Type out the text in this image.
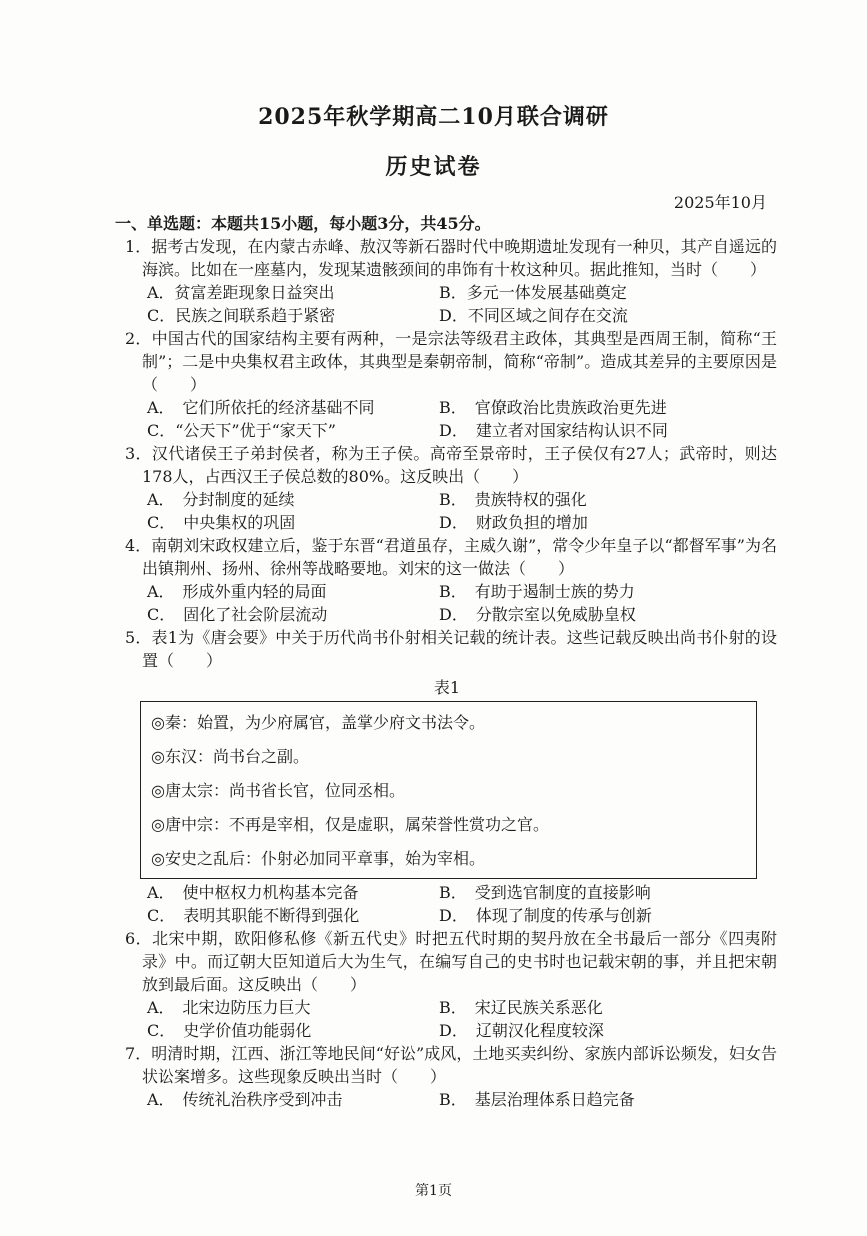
2025年秋学期高二10月联合调研
历史试卷
2025年10月
一、单选题：本题共15小题，每小题3分，共45分。
1．据考古发现，在内蒙古赤峰、敖汉等新石器时代中晚期遗址发现有一种贝，其产自遥远的海滨。比如在一座墓内，发现某遗骸颈间的串饰有十枚这种贝。据此推知，当时（　　）
A．贫富差距现象日益突出	B．多元一体发展基础奠定
C．民族之间联系趋于紧密	D．不同区域之间存在交流
2．中国古代的国家结构主要有两种，一是宗法等级君主政体，其典型是西周王制，简称“王制”；二是中央集权君主政体，其典型是秦朝帝制，简称“帝制”。造成其差异的主要原因是（　　）
A．　它们所依托的经济基础不同	B．　官僚政治比贵族政治更先进
C．“公天下”优于“家天下”	D．　建立者对国家结构认识不同
3．汉代诸侯王子弟封侯者，称为王子侯。高帝至景帝时，王子侯仅有27人；武帝时，则达178人，占西汉王子侯总数的80%。这反映出（　　）
A．　分封制度的延续	B．　贵族特权的强化
C．　中央集权的巩固	D．　财政负担的增加
4．南朝刘宋政权建立后，鉴于东晋“君道虽存，主威久谢”，常令少年皇子以“都督军事”为名出镇荆州、扬州、徐州等战略要地。刘宋的这一做法（　　）
A．　形成外重内轻的局面	B．　有助于遏制士族的势力
C．　固化了社会阶层流动	D．　分散宗室以免威胁皇权
5．表1为《唐会要》中关于历代尚书仆射相关记载的统计表。这些记载反映出尚书仆射的设置（　　）
表1
◎秦：始置，为少府属官，盖掌少府文书法令。
◎东汉：尚书台之副。
◎唐太宗：尚书省长官，位同丞相。
◎唐中宗：不再是宰相，仅是虚职，属荣誉性赏功之官。
◎安史之乱后：仆射必加同平章事，始为宰相。
A．　使中枢权力机构基本完备	B．　受到选官制度的直接影响
C．　表明其职能不断得到强化	D．　体现了制度的传承与创新
6．北宋中期，欧阳修私修《新五代史》时把五代时期的契丹放在全书最后一部分《四夷附录》中。而辽朝大臣知道后大为生气，在编写自己的史书时也记载宋朝的事，并且把宋朝放到最后面。这反映出（　　）
A．　北宋边防压力巨大	B．　宋辽民族关系恶化
C．　史学价值功能弱化	D．　辽朝汉化程度较深
7．明清时期，江西、浙江等地民间“好讼”成风，土地买卖纠纷、家族内部诉讼频发，妇女告状讼案增多。这些现象反映出当时（　　）
A．　传统礼治秩序受到冲击	B．　基层治理体系日趋完备
第1页
